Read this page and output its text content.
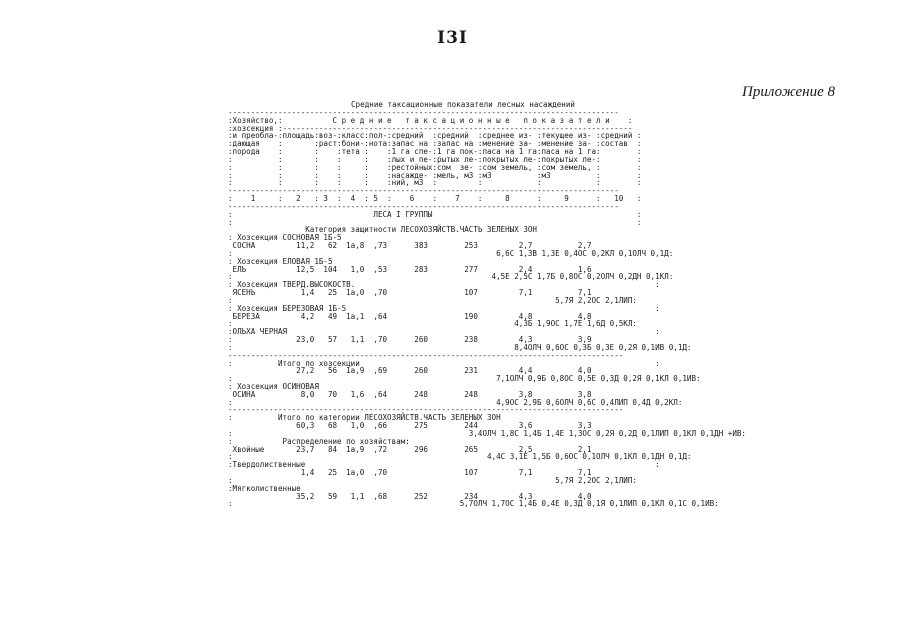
I3I
Приложение 8
Средние таксационные показатели лесных насаждений
--------------------------------------------------------------------------------------
:Хозяйство,:           С р е д н и е   т а к с а ц и о н н ы е   п о к а з а т е л и    :
:хозсекция :-----------------------------------------------------------------------------
:и преобла-:площадь:воз-:класс:пол-:средний  :средний  :среднее из- :текущее из- :средний :
:дающая    :       :раст:бони-:нота:запас на :запас на :менение за- :менение за- :состав  :
:порода    :       :    :тета :    :1 га спе-:1 га пок-:паса на 1 га:паса на 1 га:        :
:          :       :    :     :    :лых и пе-:рытых ле-:покрытых ле-:покрытых ле-:        :
:          :       :    :     :    :рестойных:сом  зе- :сом земель, :сом земель, :        :
:          :       :    :     :    :насажде- :мель, м3 :м3          :м3          :        :
:          :       :    :     :    :ний, м3  :         :            :            :        :
--------------------------------------------------------------------------------------
:    1     :   2   : 3  :  4  : 5  :    6    :    7    :     8      :     9      :   10   :
--------------------------------------------------------------------------------------
:                               ЛЕСА I ГРУППЫ                                             :
:                                                                                         :
Категория защитности ЛЕСОХОЗЯЙСТВ.ЧАСТЬ ЗЕЛЕНЫХ ЗОН
: Хозсекция СОСНОВАЯ 1Б-5
СОСНА         11,2   62  1а,8  ,73      383        253         2,7          2,7
:                                                          6,6С 1,3В 1,3Е 0,4ОС 0,2КЛ 0,1ОЛЧ 0,1Д:
: Хозсекция ЕЛОВАЯ 1Б-5
ЕЛЬ           12,5  104   1,0  ,53      283        277         2,4          1,6
:                                                         4,5Е 2,5С 1,7Б 0,8ОС 0,2ОЛЧ 0,2ДН 0,1КЛ:
: Хозсекция ТВЕРД.ВЫСОКОСТВ.                                                                  :
ЯСЕНЬ          1,4   25  1а,0  ,70                 107         7,1          7,1
:                                                                       5,7Я 2,2ОС 2,1ЛИП:
: Хозсекция БЕРЕЗОВАЯ 1Б-5                                                                    :
БЕРЕЗА         4,2   49  1а,1  ,64                 190         4,8          4,8
:                                                              4,3Б 1,9ОС 1,7Е 1,6Д 0,5КЛ:
:ОЛЬХА ЧЕРНАЯ                                                                                 :
:              23,0   57   1,1  ,70      260        238         4,3          3,9
:                                                              8,4ОЛЧ 0,6ОС 0,3Б 0,3Е 0,2Я 0,1ИВ 0,1Д:
---------------------------------------------------------------------------------------
:          Итого по хозсекции                                                                 :
27,2   56  1а,9  ,69      260        231         4,4          4,0
:                                                          7,1ОЛЧ 0,9Б 0,8ОС 0,5Е 0,3Д 0,2Я 0,1КЛ 0,1ИВ:
: Хозсекция ОСИНОВАЯ
ОСИНА          8,0   70   1,6  ,64      248        248         3,8          3,8
:                                                          4,9ОС 2,9Б 0,6ОЛЧ 0,6С 0,4ЛИП 0,4Д 0,2КЛ:
---------------------------------------------------------------------------------------
:          Итого по категории ЛЕСОХОЗЯЙСТВ.ЧАСТЬ ЗЕЛЕНЫХ ЗОН
60,3   68   1,0  ,66      275        244         3,6          3,3
:                                                    3,4ОЛЧ 1,8С 1,4Б 1,4Е 1,3ОС 0,2Я 0,2Д 0,1ЛИП 0,1КЛ 0,1ДН +ИВ:
:           Распределение по хозяйствам:
Хвойные       23,7   84  1а,9  ,72      296        265         2,5          2,1
:                                                        4,4С 3,1Е 1,5Б 0,6ОС 0,1ОЛЧ 0,1КЛ 0,1ДН 0,1Д:
:Твердолиственные                                                                             :
1,4   25  1а,0  ,70                 107         7,1          7,1
:                                                                       5,7Я 2,2ОС 2,1ЛИП:
:Мягколиственные
35,2   59   1,1  ,68      252        234         4,3          4,0
:                                                  5,7ОЛЧ 1,7ОС 1,4Б 0,4Е 0,3Д 0,1Я 0,1ЛИП 0,1КЛ 0,1С 0,1ИВ:
